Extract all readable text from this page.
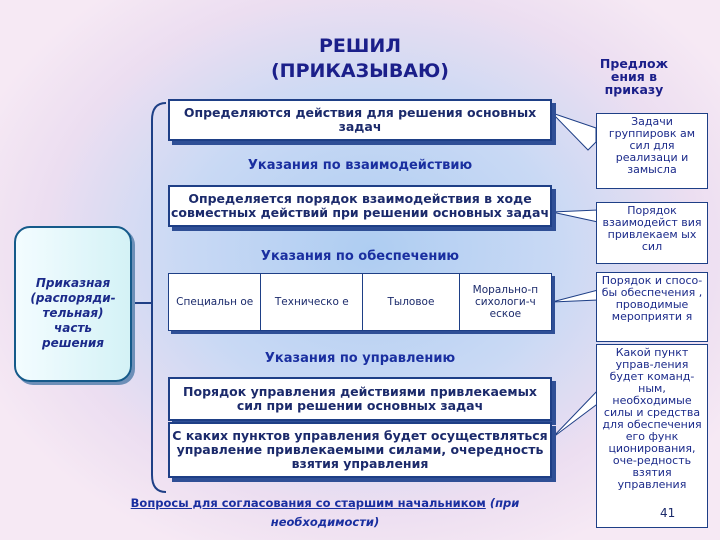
РЕШИЛ
(ПРИКАЗЫВАЮ)	Предлож ения в приказу
Определяются действия для решения основных задач
Указания по взаимодействию
Определяется порядок взаимодействия в ходе совместных действий при решении основных задач
Указания по обеспечению
Специальн ое	Техническо е	Тыловое	Морально-п сихологи-ч еское
Указания по управлению
Порядок управления действиями привлекаемых сил при решении основных задач
С каких пунктов управления будет осуществляться управление привлекаемыми силами, очередность взятия управления
Приказная
(распоряди-
тельная)
часть
решения
Задачи группировк ам сил для реализаци и замысла
Порядок взаимодейст вия привлекаем ых сил
Порядок и спосо-бы обеспечения , проводимые мероприяти я
Какой пункт управ-ления будет команд-ным, необходимые силы и средства для обеспечения его функ ционирования, оче-редность взятия управления
Вопросы для согласования со старшим начальником (при
необходимости)
41
